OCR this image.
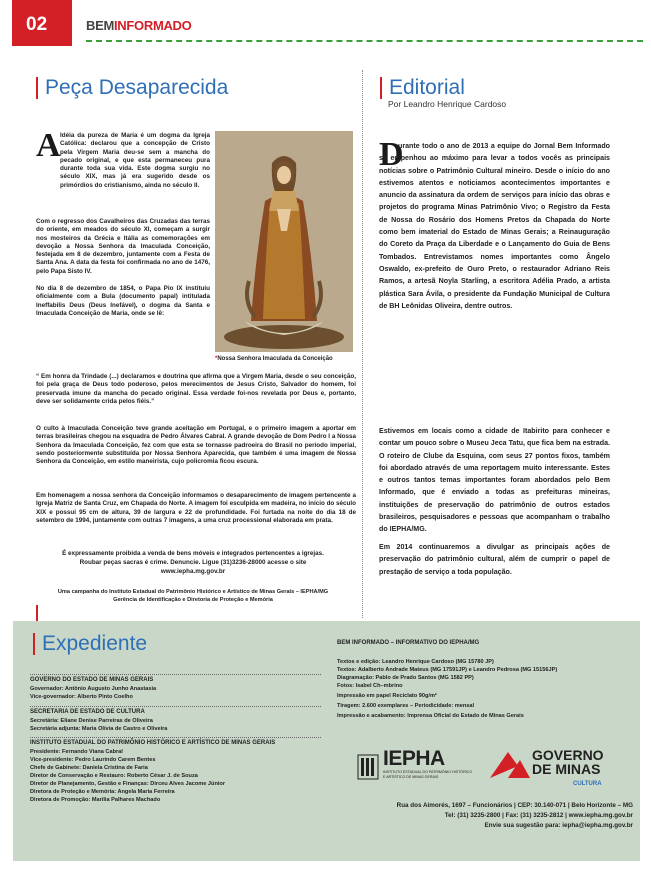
02	BEMINFORMADO
Peça Desaparecida
A Idéia da pureza de Maria é um dogma da Igreja Católica: declarou que a concepção de Cristo pela Virgem Maria deu-se sem a mancha do pecado original, e que esta permaneceu pura durante toda sua vida. Este dogma surgiu no século XIX, mas já era sugerido desde os primórdios do cristianismo, ainda no século II.
Com o regresso dos Cavalheiros das Cruzadas das terras do oriente, em meados do século XI, começam a surgir nos mosteiros da Grécia e Itália as comemorações em devoção a Nossa Senhora da Imaculada Conceição, festejada em 8 de dezembro, juntamente com a Festa de Santa Ana. A data da festa foi confirmada no ano de 1476, pelo Papa Sisto IV.
No dia 8 de dezembro de 1854, o Papa Pio IX instituiu oficialmente com a Bula (documento papal) intitulada Ineffabilis Deus (Deus Inefável), o dogma da Santa e Imaculada Conceição de Maria, onde se lê:
*Nossa Senhora Imaculada da Conceição
“ Em honra da Trindade (...) declaramos e doutrina que afirma que a Virgem Maria, desde o seu conceição, foi pela graça de Deus todo poderoso, pelos merecimentos de Jesus Cristo, Salvador do homem, foi preservada imune da mancha do pecado original. Essa verdade foi-nos revelada por Deus e, portanto, deve ser solidamente crida pelos fiéis.”
O culto à Imaculada Conceição teve grande aceitação em Portugal, e o primeiro imagem a aportar em terras brasileiras chegou na esquadra de Pedro Álvares Cabral. A grande devoção de Dom Pedro I a Nossa Senhora da Imaculada Conceição, fez com que esta se tornasse padroeira do Brasil no período imperial, sendo posteriormente substituída por Nossa Senhora Aparecida, que também é uma imagem de Nossa Senhora da Conceição, em estilo maneirista, cujo policromia ficou escura.
Em homenagem a nossa senhora da Conceição informamos o desaparecimento de imagem pertencente a Igreja Matriz de Santa Cruz, em Chapada do Norte. A imagem foi esculpida em madeira, no início do século XIX e possui 95 cm de altura, 39 de largura e 22 de profundidade. Foi furtada na noite do dia 18 de setembro de 1994, juntamente com outras 7 imagens, a uma cruz processional elaborada em prata.
É expressamente proibida a venda de bens móveis e integrados pertencentes a igrejas.
Roubar peças sacras é crime. Denuncie. Ligue (31)3236-28000 acesse o site
www.iepha.mg.gov.br
Uma campanha do Instituto Estadual do Patrimônio Histórico e Artístico de Minas Gerais – IEPHA/MG
Gerência de Identificação e Diretoria de Proteção e Memória
Editorial
Por Leandro Henrique Cardoso
D
urante todo o ano de 2013 a equipe do Jornal Bem Informado se empenhou ao máximo para levar a todos vocês as principais notícias sobre o Patrimônio Cultural mineiro. Desde o início do ano estivemos atentos e noticiamos acontecimentos importantes e anuncio da assinatura da ordem de serviços para início das obras e projetos do programa Minas Patrimônio Vivo; o Registro da Festa de Nossa do Rosário dos Homens Pretos da Chapada do Norte como bem imaterial do Estado de Minas Gerais; a Reinauguração do Coreto da Praça da Liberdade e o Lançamento do Guia de Bens Tombados. Entrevistamos nomes importantes como Ângelo Oswaldo, ex-prefeito de Ouro Preto, o restaurador Adriano Reis Ramos, a artesã Noyla Starling, a escritora Adélia Prado, a artista plástica Sara Ávila, o presidente da Fundação Municipal de Cultura de BH Leônidas Oliveira, dentre outros.
Estivemos em locais como a cidade de Itabirito para conhecer e contar um pouco sobre o Museu Jeca Tatu, que fica bem na estrada. O roteiro de Clube da Esquina, com seus 27 pontos fixos, também foi abordado através de uma reportagem muito interessante. Estes e outros tantos temas importantes foram abordados pelo Bem Informado, que é enviado a todas as prefeituras mineiras, instituições de preservação do patrimônio de outros estados brasileiros, pesquisadores e pessoas que acompanham o trabalho do IEPHA/MG.
Em 2014 continuaremos a divulgar as principais ações de preservação do patrimônio cultural, além de cumprir o papel de prestação de serviço a toda população.
Expediente
GOVERNO DO ESTADO DE MINAS GERAIS
Governador: Antônio Augusto Junho Anastasia
Vice-governador: Alberto Pinto Coelho
SECRETARIA DE ESTADO DE CULTURA
Secretária: Eliane Denise Parreiras de Oliveira
Secretária adjunta: Maria Olívia de Castro e Oliveira
INSTITUTO ESTADUAL DO PATRIMÔNIO HISTÓRICO E ARTÍSTICO DE MINAS GERAIS
Presidente: Fernando Viana Cabral
Vice-presidente: Pedro Laurindo Carem Bentes
Chefe de Gabinete: Daniela Cristina de Faria
Diretor de Conservação e Restauro: Roberto César J. de Souza
Diretor de Planejamento, Gestão e Finanças: Dirceu Alves Jacome Júnior
Diretora de Proteção e Memória: Angela Maria Ferreira
Diretora de Promoção: Marília Palhares Machado
BEM INFORMADO – INFORMATIVO DO IEPHA/MG
Textos e edição: Leandro Henrique Cardoso (MG 15780 JP)
Textos: Adalberto Andrade Mateus (MG 17591JP) e Leandro Pedrosa (MG 15156JP)
Diagramação: Pablo de Prado Santos (MG 1582 PP)
Fotos: Isabel Ch–mbrino
Impressão em papel Reciclato 90g/m²
Tiragem: 2.600 exemplares – Periodicidade: mensal
Impressão e acabamento: Imprensa Oficial do Estado de Minas Gerais
IEPHA
INSTITUTO ESTADUAL DO PATRIMÔNIO HISTÓRICO E ARTÍSTICO DE MINAS GERAIS
GOVERNO
DE MINAS
CULTURA
Rua dos Aimorés, 1697 – Funcionários | CEP: 30.140-071 | Belo Horizonte – MG
Tel: (31) 3235-2800 | Fax: (31) 3235-2812 | www.iepha.mg.gov.br
Envie sua sugestão para: iepha@iepha.mg.gov.br
